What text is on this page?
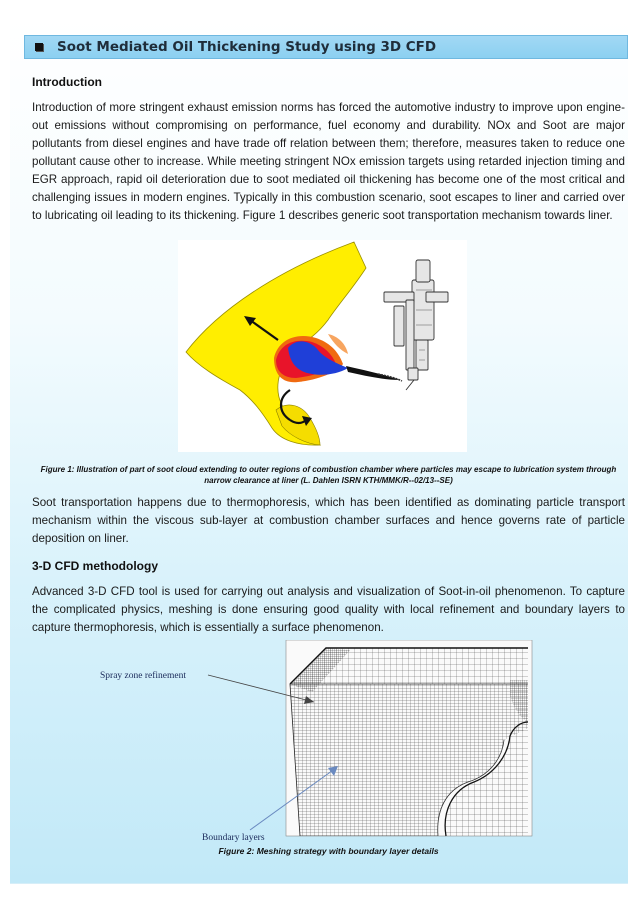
Soot Mediated Oil Thickening Study using 3D CFD
Introduction
Introduction of more stringent exhaust emission norms has forced the automotive industry to improve upon engine-out emissions without compromising on performance, fuel economy and durability. NOx and Soot are major pollutants from diesel engines and have trade off relation between them; therefore, measures taken to reduce one pollutant cause other to increase. While meeting stringent NOx emission targets using retarded injection timing and EGR approach, rapid oil deterioration due to soot mediated oil thickening has become one of the most critical and challenging issues in modern engines. Typically in this combustion scenario, soot escapes to liner and carried over to lubricating oil leading to its thickening. Figure 1 describes generic soot transportation mechanism towards liner.
Figure 1: Illustration of part of soot cloud extending to outer regions of combustion chamber where particles may escape to lubrication system through narrow clearance at liner (L. Dahlen ISRN KTH/MMK/R--02/13--SE)
Soot transportation happens due to thermophoresis, which has been identified as dominating particle transport mechanism within the viscous sub-layer at combustion chamber surfaces and hence governs rate of particle deposition on liner.
3-D CFD methodology
Advanced 3-D CFD tool is used for carrying out analysis and visualization of Soot-in-oil phenomenon. To capture the complicated physics, meshing is done ensuring good quality with local refinement and boundary layers to capture thermophoresis, which is essentially a surface phenomenon.
Spray zone refinement
Boundary layers
Figure 2: Meshing strategy with boundary layer details
